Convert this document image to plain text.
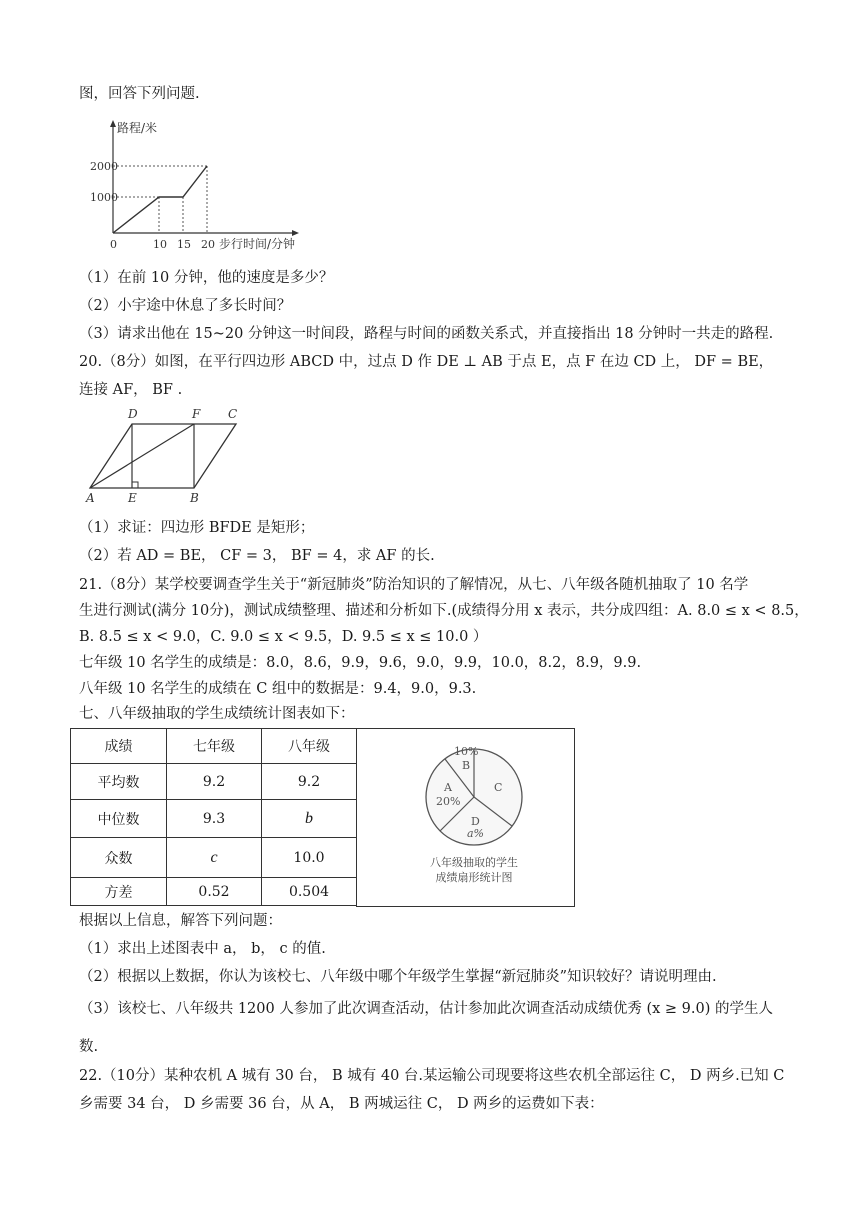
图，回答下列问题.
路程/米
1000
2000
0	10 15 20 步行时间/分钟
（1）在前 10 分钟，他的速度是多少？
（2）小宇途中休息了多长时间？
（3）请求出他在 15~20 分钟这一时间段，路程与时间的函数关系式，并直接指出 18 分钟时一共走的路程.
20.（8分）如图，在平行四边形 ABCD 中，过点 D 作 DE ⊥ AB 于点 E，点 F 在边 CD 上， DF = BE，
连接 AF， BF .
D	F C
A	E	B
（1）求证：四边形 BFDE 是矩形；
（2）若 AD = BE， CF = 3， BF = 4，求 AF 的长.
21.（8分）某学校要调查学生关于“新冠肺炎”防治知识的了解情况，从七、八年级各随机抽取了 10 名学
生进行测试(满分 10分)，测试成绩整理、描述和分析如下.(成绩得分用 x 表示，共分成四组：A. 8.0 ≤ x < 8.5，
B. 8.5 ≤ x < 9.0，C. 9.0 ≤ x < 9.5，D. 9.5 ≤ x ≤ 10.0 ）
七年级 10 名学生的成绩是：8.0，8.6，9.9，9.6，9.0，9.9，10.0，8.2，8.9，9.9.
八年级 10 名学生的成绩在 C 组中的数据是：9.4，9.0，9.3.
七、八年级抽取的学生成绩统计图表如下：
成绩	七年级	八年级
平均数	9.2	9.2
中位数	9.3	b
众数	c	10.0
方差	0.52	0.504
10%
B
A
20%
C
D
a%
八年级抽取的学生
成绩扇形统计图
根据以上信息，解答下列问题：
（1）求出上述图表中 a， b， c 的值.
（2）根据以上数据，你认为该校七、八年级中哪个年级学生掌握“新冠肺炎”知识较好？请说明理由.
（3）该校七、八年级共 1200 人参加了此次调查活动，估计参加此次调查活动成绩优秀 (x ≥ 9.0) 的学生人
数.
22.（10分）某种农机 A 城有 30 台， B 城有 40 台.某运输公司现要将这些农机全部运往 C， D 两乡.已知 C
乡需要 34 台， D 乡需要 36 台，从 A， B 两城运往 C， D 两乡的运费如下表：
